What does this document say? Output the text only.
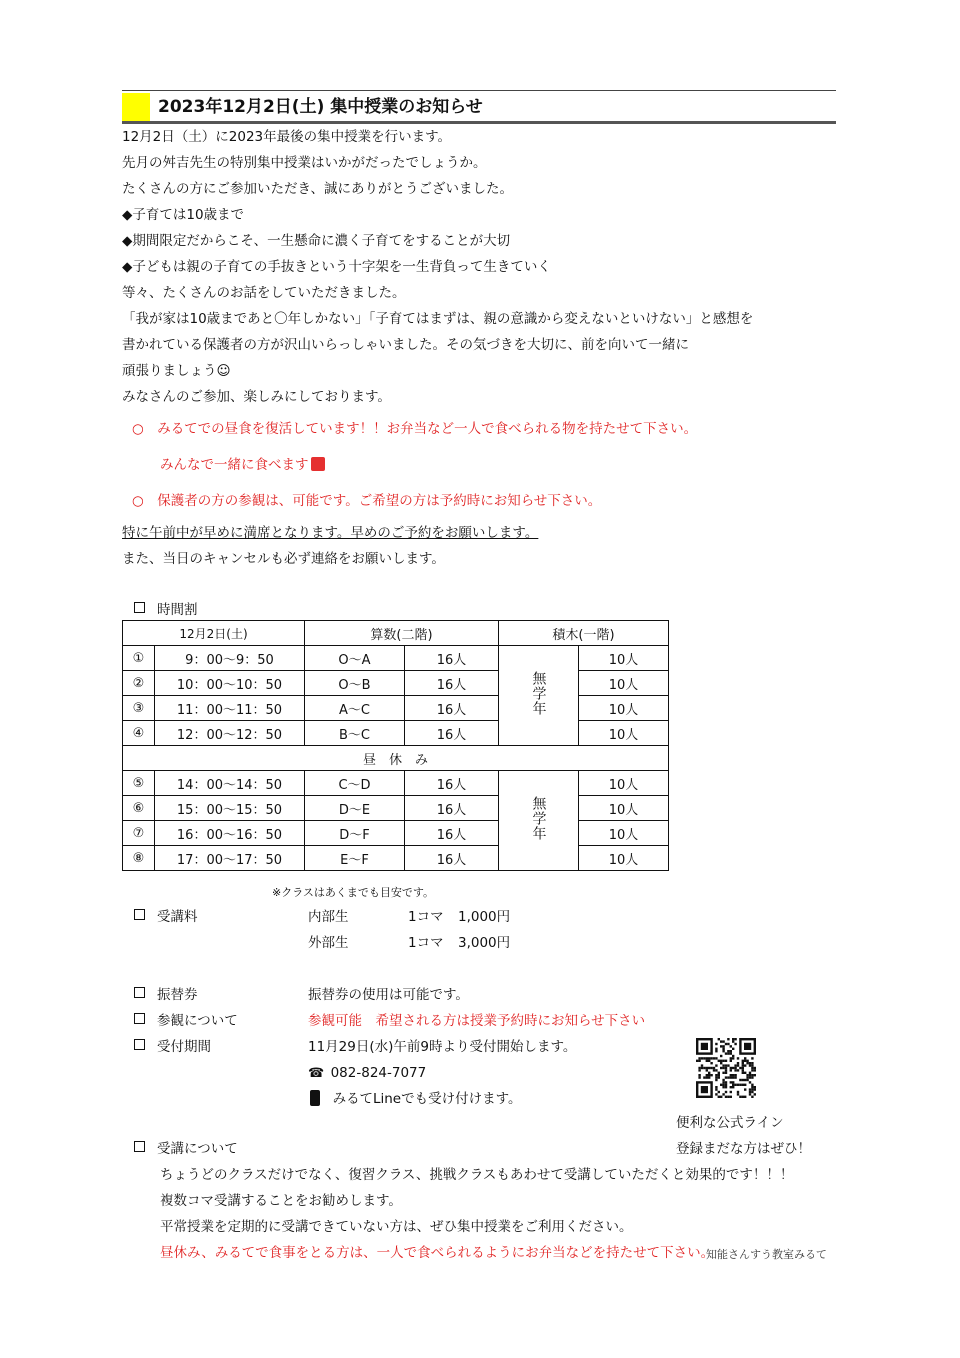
2023年12月2日(土) 集中授業のお知らせ
12月2日（土）に2023年最後の集中授業を行います。
先月の舛吉先生の特別集中授業はいかがだったでしょうか。
たくさんの方にご参加いただき、誠にありがとうございました。
◆子育ては10歳まで
◆期間限定だからこそ、一生懸命に濃く子育てをすることが大切
◆子どもは親の子育ての手抜きという十字架を一生背負って生きていく
等々、たくさんのお話をしていただきました。
「我が家は10歳まであと〇年しかない」「子育てはまずは、親の意識から変えないといけない」と感想を
書かれている保護者の方が沢山いらっしゃいました。その気づきを大切に、前を向いて一緒に
頑張りましょう☺
みなさんのご参加、楽しみにしております。
○　みるてでの昼食を復活しています！！お弁当など一人で食べられる物を持たせて下さい。
みんなで一緒に食べます
○　保護者の方の参観は、可能です。ご希望の方は予約時にお知らせ下さい。
特に午前中が早めに満席となります。早めのご予約をお願いします。
また、当日のキャンセルも必ず連絡をお願いします。
時間割
12月2日(土)		算数(二階)		積木(一階)	
①	9：00〜9：50	O〜A	16人	無学年	10人
②	10：00〜10：50	O〜B	16人		10人
③	11：00〜11：50	A〜C	16人		10人
④	12：00〜12：50	B〜C	16人		10人
昼　休　み					
⑤	14：00〜14：50	C〜D	16人	無学年	10人
⑥	15：00〜15：50	D〜E	16人		10人
⑦	16：00〜16：50	D〜F	16人		10人
⑧	17：00〜17：50	E〜F	16人		10人
※クラスはあくまでも目安です。
受講料	内部生	1コマ 1,000円
外部生	1コマ 3,000円
振替券	振替券の使用は可能です。
参観について	参観可能　希望される方は授業予約時にお知らせ下さい
受付期間	11月29日(水)午前9時より受付開始します。
☎ 082-824-7077
みるてLineでも受け付けます。
便利な公式ライン
登録まだな方はぜひ！
受講について
ちょうどのクラスだけでなく、復習クラス、挑戦クラスもあわせて受講していただくと効果的です！！！
複数コマ受講することをお勧めします。
平常授業を定期的に受講できていない方は、ぜひ集中授業をご利用ください。
昼休み、みるてで食事をとる方は、一人で食べられるようにお弁当などを持たせて下さい。
知能さんすう教室みるて
